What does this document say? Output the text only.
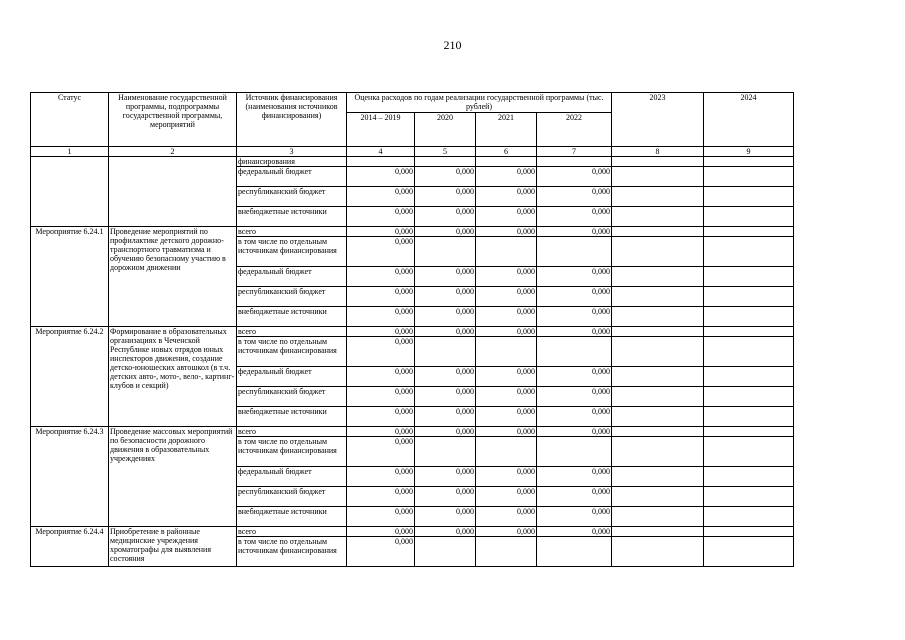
210
Статус	Наименование государственной программы, подпрограммы государственной программы, мероприятий	Источник финансирования (наименования источников финансирования)	Оценка расходов по годам реализации государственной программы (тыс. рублей)				2023	2024
			2014 – 2019	2020	2021	2022		
1	2	3	4	5	6	7	8	9
		финансирования						
		федеральный бюджет	0,000	0,000	0,000	0,000		
		республиканский бюджет	0,000	0,000	0,000	0,000		
		внебюджетные источники	0,000	0,000	0,000	0,000		
Мероприятие 6.24.1	Проведение мероприятий по профилактике детского дорожно-транспортного травматизма и обучению безопасному участию в дорожном движении	всего	0,000	0,000	0,000	0,000		
		в том числе по отдельным источникам финансирования	0,000					
		федеральный бюджет	0,000	0,000	0,000	0,000		
		республиканский бюджет	0,000	0,000	0,000	0,000		
		внебюджетные источники	0,000	0,000	0,000	0,000		
Мероприятие 6.24.2	Формирование в образовательных организациях в Чеченской Республике новых отрядов юных инспекторов движения, создание детско-юношеских автошкол (в т.ч. детских авто-, мото-, вело-, картинг-клубов и секций)	всего	0,000	0,000	0,000	0,000		
		в том числе по отдельным источникам финансирования	0,000					
		федеральный бюджет	0,000	0,000	0,000	0,000		
		республиканский бюджет	0,000	0,000	0,000	0,000		
		внебюджетные источники	0,000	0,000	0,000	0,000		
Мероприятие 6.24.3	Проведение массовых мероприятий по безопасности дорожного движения в образовательных учреждениях	всего	0,000	0,000	0,000	0,000		
		в том числе по отдельным источникам финансирования	0,000					
		федеральный бюджет	0,000	0,000	0,000	0,000		
		республиканский бюджет	0,000	0,000	0,000	0,000		
		внебюджетные источники	0,000	0,000	0,000	0,000		
Мероприятие 6.24.4	Приобретение в районные медицинские учреждения хроматографы для выявления состояния	всего	0,000	0,000	0,000	0,000		
		в том числе по отдельным источникам финансирования	0,000					
